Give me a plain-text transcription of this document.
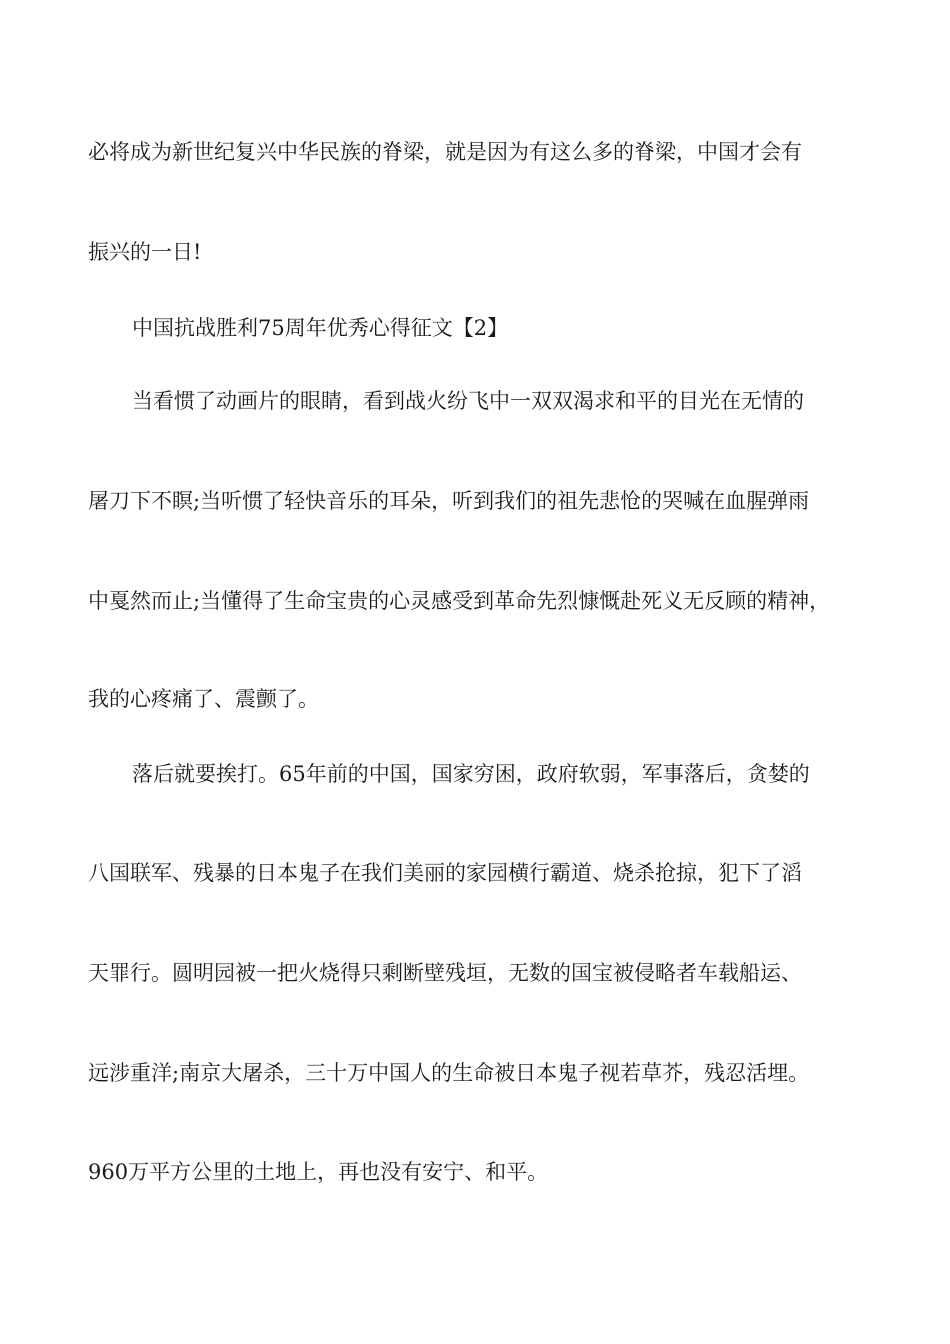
必将成为新世纪复兴中华民族的脊梁，就是因为有这么多的脊梁，中国才会有
振兴的一日!
中国抗战胜利75周年优秀心得征文【2】
当看惯了动画片的眼睛，看到战火纷飞中一双双渴求和平的目光在无情的
屠刀下不瞑;当听惯了轻快音乐的耳朵，听到我们的祖先悲怆的哭喊在血腥弹雨
中戛然而止;当懂得了生命宝贵的心灵感受到革命先烈慷慨赴死义无反顾的精神，
我的心疼痛了、震颤了。
落后就要挨打。65年前的中国，国家穷困，政府软弱，军事落后，贪婪的
八国联军、残暴的日本鬼子在我们美丽的家园横行霸道、烧杀抢掠，犯下了滔
天罪行。圆明园被一把火烧得只剩断壁残垣，无数的国宝被侵略者车载船运、
远涉重洋;南京大屠杀，三十万中国人的生命被日本鬼子视若草芥，残忍活埋。
960万平方公里的土地上，再也没有安宁、和平。
